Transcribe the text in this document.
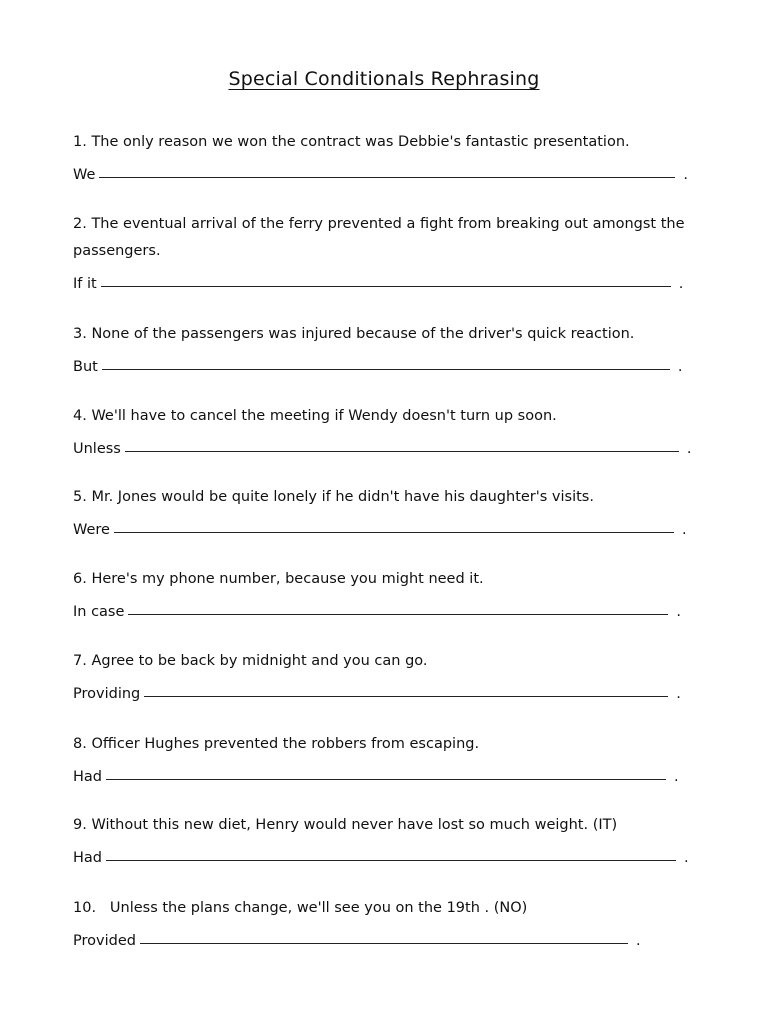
Special Conditionals Rephrasing
1. The only reason we won the contract was Debbie's fantastic presentation.
We	.
2. The eventual arrival of the ferry prevented a fight from breaking out amongst the passengers.
If it	.
3. None of the passengers was injured because of the driver's quick reaction.
But	.
4. We'll have to cancel the meeting if Wendy doesn't turn up soon.
Unless	.
5. Mr. Jones would be quite lonely if he didn't have his daughter's visits.
Were	.
6. Here's my phone number, because you might need it.
In case	.
7. Agree to be back by midnight and you can go.
Providing	.
8. Officer Hughes prevented the robbers from escaping.
Had	.
9. Without this new diet, Henry would never have lost so much weight. (IT)
Had	.
10.   Unless the plans change, we'll see you on the 19th . (NO)
Provided	.
